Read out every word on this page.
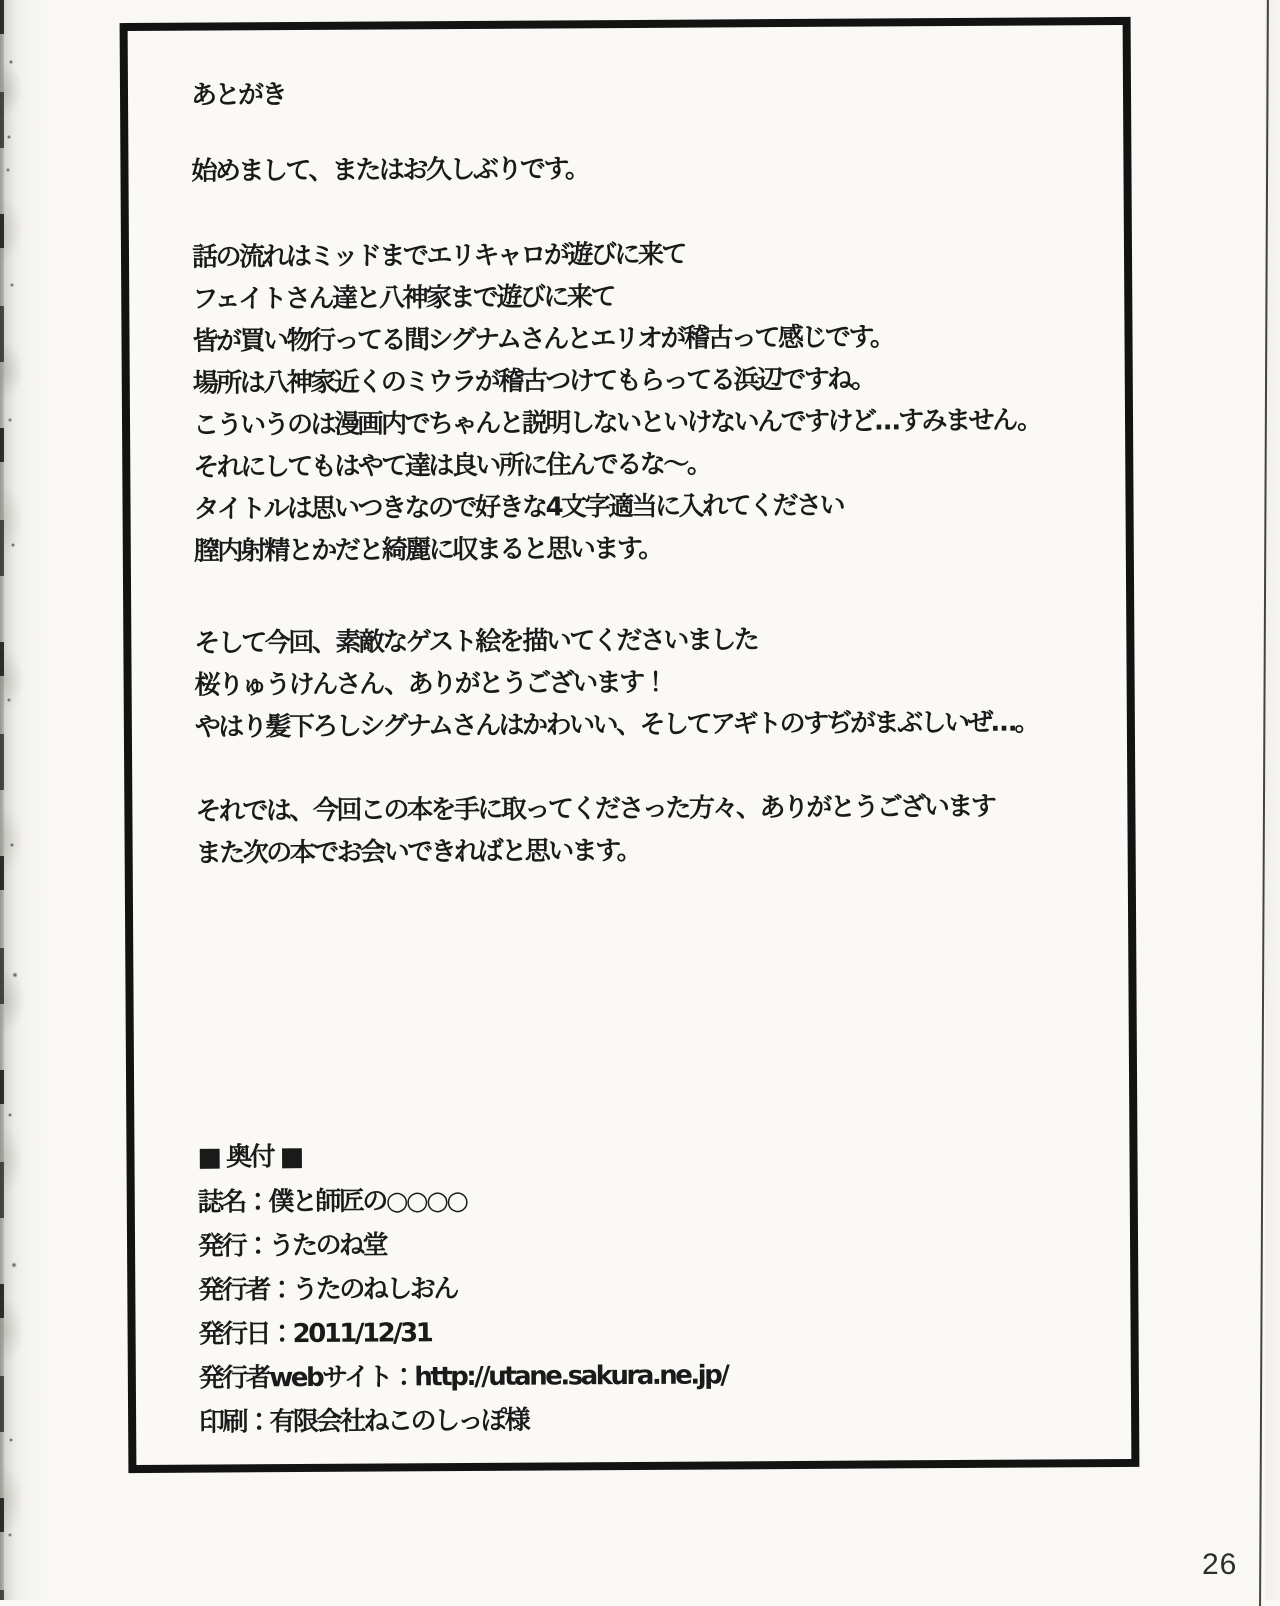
あとがき
始めまして、またはお久しぶりです。
話の流れはミッドまでエリキャロが遊びに来て
フェイトさん達と八神家まで遊びに来て
皆が買い物行ってる間シグナムさんとエリオが稽古って感じです。
場所は八神家近くのミウラが稽古つけてもらってる浜辺ですね。
こういうのは漫画内でちゃんと説明しないといけないんですけど…すみません。
それにしてもはやて達は良い所に住んでるな〜。
タイトルは思いつきなので好きな4文字適当に入れてください
膣内射精とかだと綺麗に収まると思います。
そして今回、素敵なゲスト絵を描いてくださいました
桜りゅうけんさん、ありがとうございます！
やはり髪下ろしシグナムさんはかわいい、そしてアギトのすぢがまぶしいぜ…。
それでは、今回この本を手に取ってくださった方々、ありがとうございます
また次の本でお会いできればと思います。
■ 奥付 ■
誌名：僕と師匠の○○○○
発行：うたのね堂
発行者：うたのねしおん
発行日：2011/12/31
発行者webサイト：http://utane.sakura.ne.jp/
印刷：有限会社ねこのしっぽ様
26
